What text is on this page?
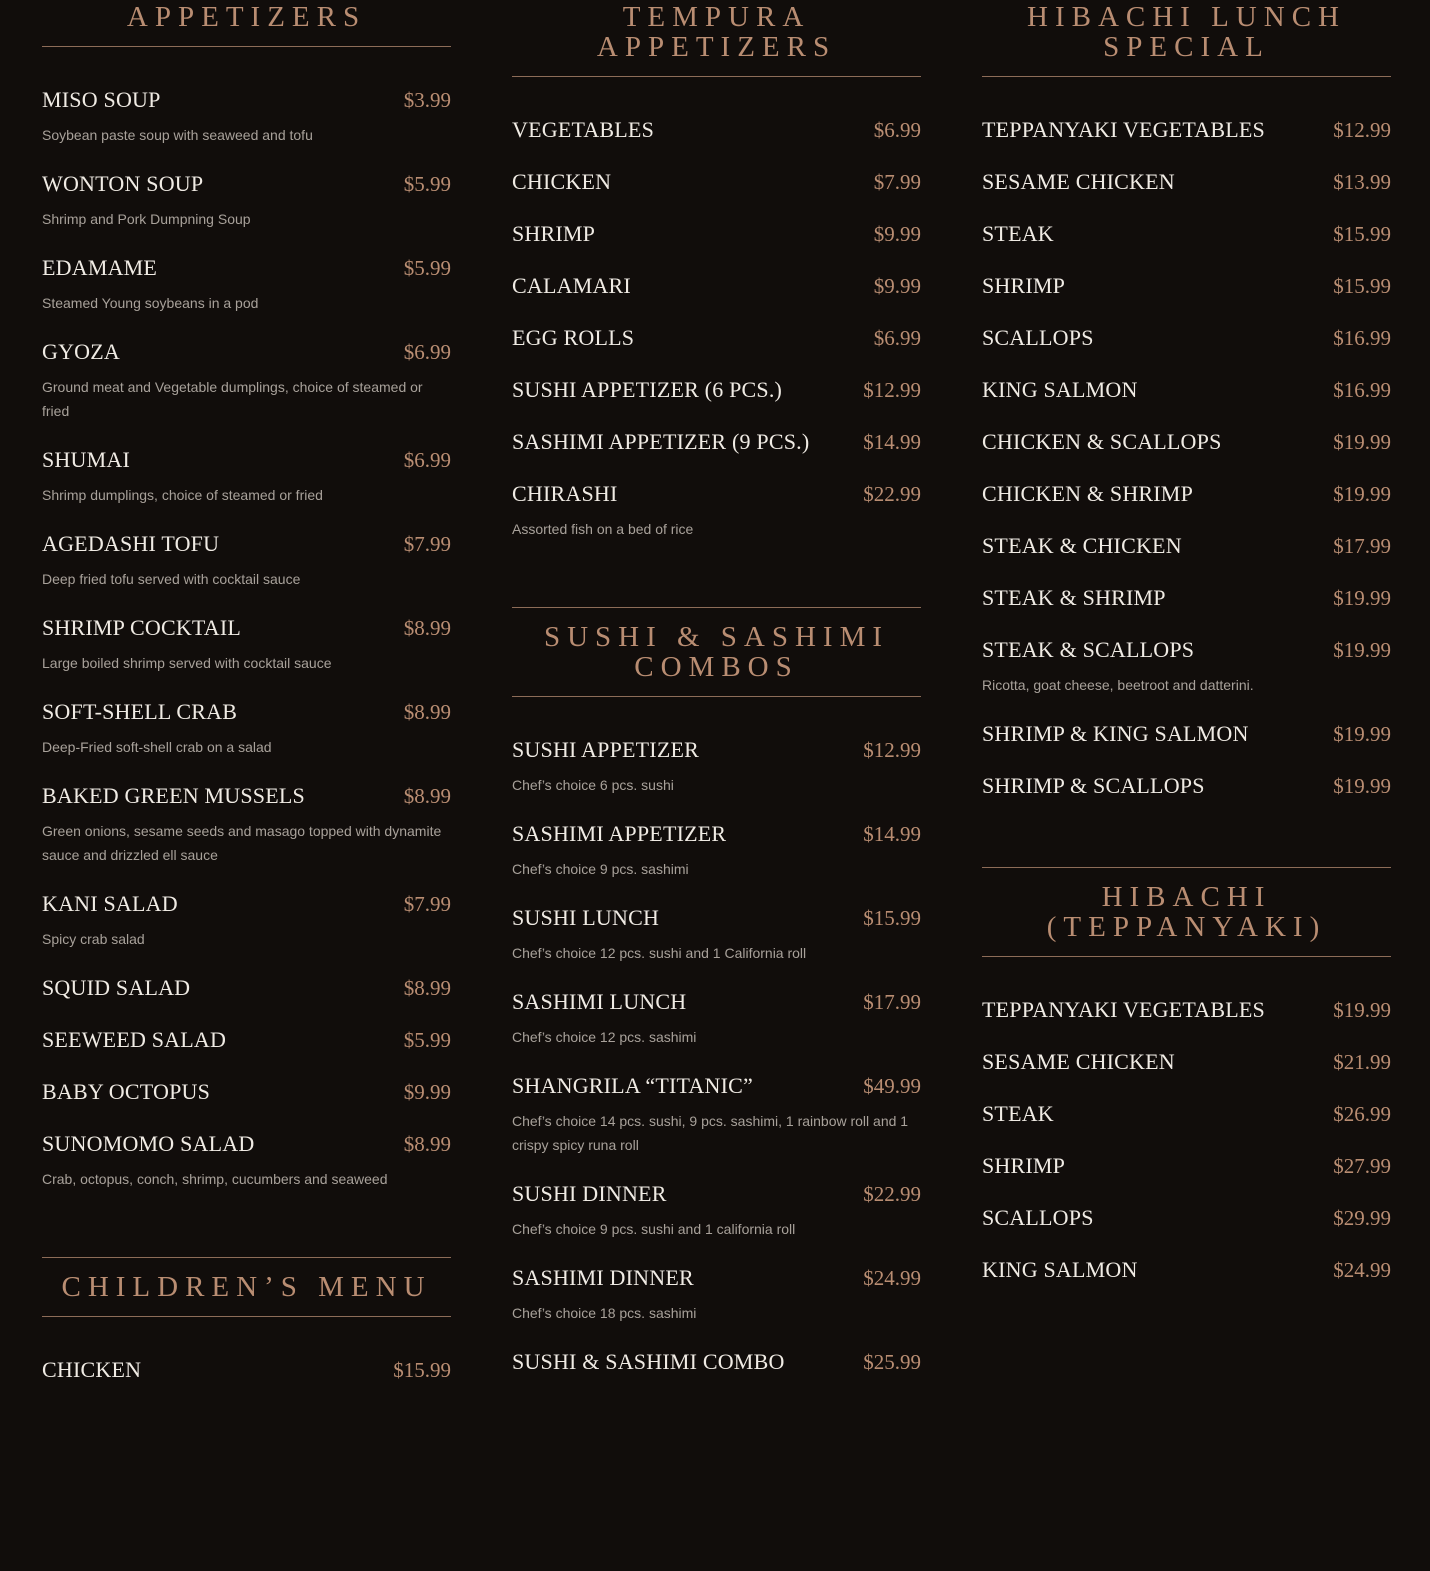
APPETIZERS
MISO SOUP	$3.99
Soybean paste soup with seaweed and tofu
WONTON SOUP	$5.99
Shrimp and Pork Dumpning Soup
EDAMAME	$5.99
Steamed Young soybeans in a pod
GYOZA	$6.99
Ground meat and Vegetable dumplings, choice of steamed or fried
SHUMAI	$6.99
Shrimp dumplings, choice of steamed or fried
AGEDASHI TOFU	$7.99
Deep fried tofu served with cocktail sauce
SHRIMP COCKTAIL	$8.99
Large boiled shrimp served with cocktail sauce
SOFT-SHELL CRAB	$8.99
Deep-Fried soft-shell crab on a salad
BAKED GREEN MUSSELS	$8.99
Green onions, sesame seeds and masago topped with dynamite sauce and drizzled ell sauce
KANI SALAD	$7.99
Spicy crab salad
SQUID SALAD	$8.99
SEEWEED SALAD	$5.99
BABY OCTOPUS	$9.99
SUNOMOMO SALAD	$8.99
Crab, octopus, conch, shrimp, cucumbers and seaweed
CHILDREN’S MENU
CHICKEN	$15.99
TEMPURA APPETIZERS
VEGETABLES	$6.99
CHICKEN	$7.99
SHRIMP	$9.99
CALAMARI	$9.99
EGG ROLLS	$6.99
SUSHI APPETIZER (6 PCS.)	$12.99
SASHIMI APPETIZER (9 PCS.)	$14.99
CHIRASHI	$22.99
Assorted fish on a bed of rice
SUSHI & SASHIMI COMBOS
SUSHI APPETIZER	$12.99
Chef’s choice 6 pcs. sushi
SASHIMI APPETIZER	$14.99
Chef’s choice 9 pcs. sashimi
SUSHI LUNCH	$15.99
Chef’s choice 12 pcs. sushi and 1 California roll
SASHIMI LUNCH	$17.99
Chef’s choice 12 pcs. sashimi
SHANGRILA “TITANIC”	$49.99
Chef’s choice 14 pcs. sushi, 9 pcs. sashimi, 1 rainbow roll and 1 crispy spicy runa roll
SUSHI DINNER	$22.99
Chef’s choice 9 pcs. sushi and 1 california roll
SASHIMI DINNER	$24.99
Chef’s choice 18 pcs. sashimi
SUSHI & SASHIMI COMBO	$25.99
HIBACHI LUNCH SPECIAL
TEPPANYAKI VEGETABLES	$12.99
SESAME CHICKEN	$13.99
STEAK	$15.99
SHRIMP	$15.99
SCALLOPS	$16.99
KING SALMON	$16.99
CHICKEN & SCALLOPS	$19.99
CHICKEN & SHRIMP	$19.99
STEAK & CHICKEN	$17.99
STEAK & SHRIMP	$19.99
STEAK & SCALLOPS	$19.99
Ricotta, goat cheese, beetroot and datterini.
SHRIMP & KING SALMON	$19.99
SHRIMP & SCALLOPS	$19.99
HIBACHI (TEPPANYAKI)
TEPPANYAKI VEGETABLES	$19.99
SESAME CHICKEN	$21.99
STEAK	$26.99
SHRIMP	$27.99
SCALLOPS	$29.99
KING SALMON	$24.99
